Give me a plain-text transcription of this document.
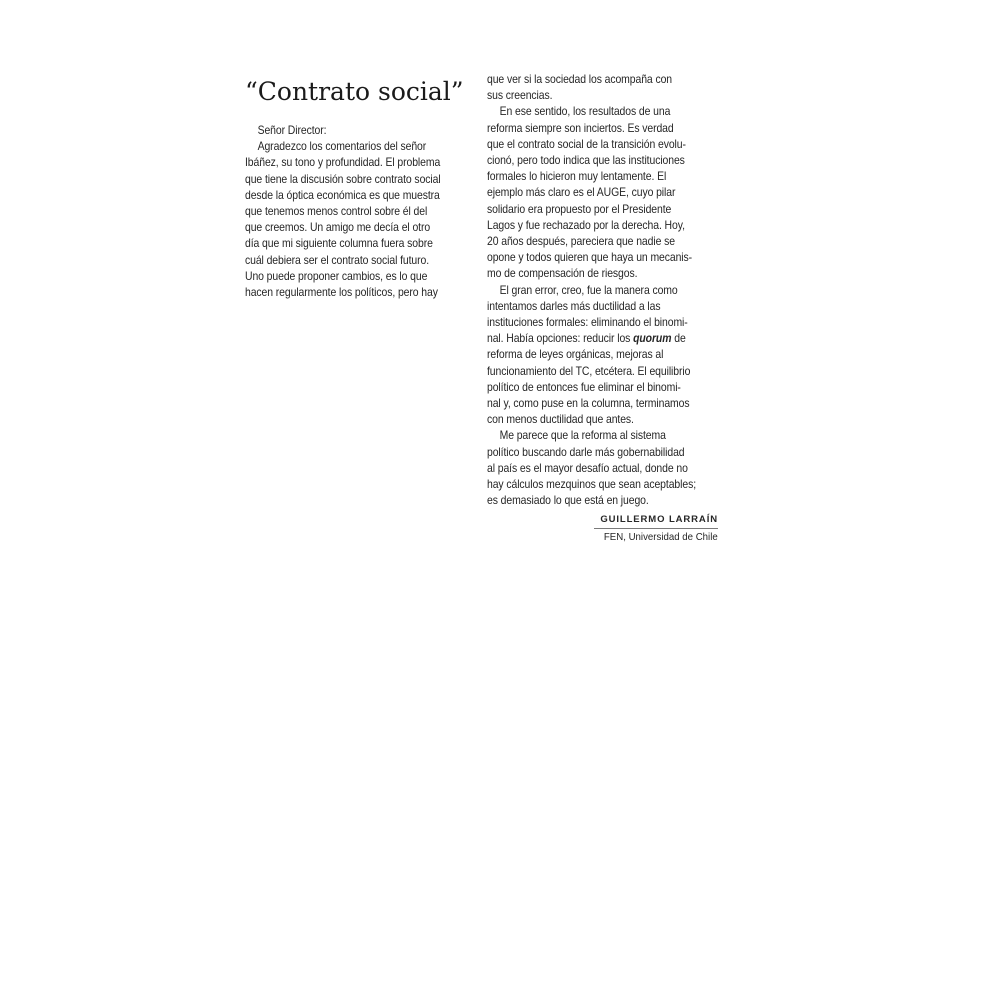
“Contrato social”
Señor Director:
Agradezco los comentarios del señor
Ibáñez, su tono y profundidad. El problema
que tiene la discusión sobre contrato social
desde la óptica económica es que muestra
que tenemos menos control sobre él del
que creemos. Un amigo me decía el otro
día que mi siguiente columna fuera sobre
cuál debiera ser el contrato social futuro.
Uno puede proponer cambios, es lo que
hacen regularmente los políticos, pero hay
que ver si la sociedad los acompaña con
sus creencias.
En ese sentido, los resultados de una
reforma siempre son inciertos. Es verdad
que el contrato social de la transición evolu-
cionó, pero todo indica que las instituciones
formales lo hicieron muy lentamente. El
ejemplo más claro es el AUGE, cuyo pilar
solidario era propuesto por el Presidente
Lagos y fue rechazado por la derecha. Hoy,
20 años después, pareciera que nadie se
opone y todos quieren que haya un mecanis-
mo de compensación de riesgos.
El gran error, creo, fue la manera como
intentamos darles más ductilidad a las
instituciones formales: eliminando el binomi-
nal. Había opciones: reducir los quorum de
reforma de leyes orgánicas, mejoras al
funcionamiento del TC, etcétera. El equilibrio
político de entonces fue eliminar el binomi-
nal y, como puse en la columna, terminamos
con menos ductilidad que antes.
Me parece que la reforma al sistema
político buscando darle más gobernabilidad
al país es el mayor desafío actual, donde no
hay cálculos mezquinos que sean aceptables;
es demasiado lo que está en juego.
GUILLERMO LARRAÍN
FEN, Universidad de Chile
